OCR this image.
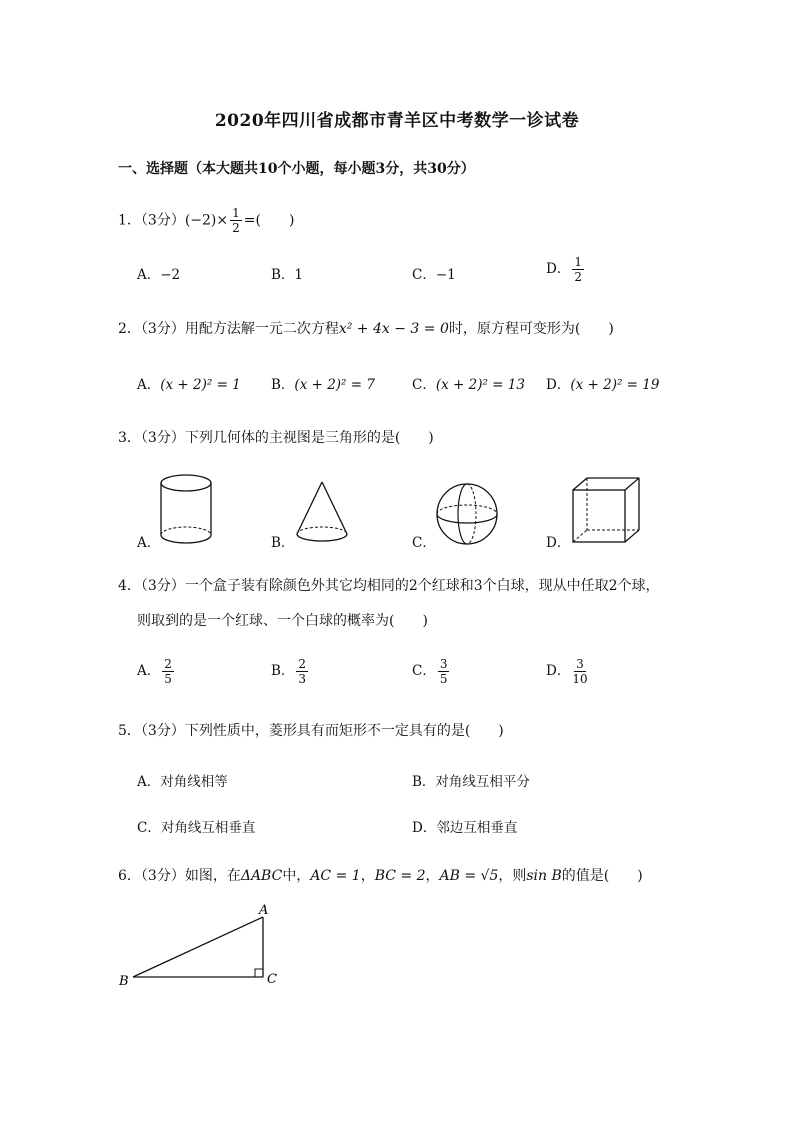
2020年四川省成都市青羊区中考数学一诊试卷
一、选择题（本大题共10个小题，每小题3分，共30分）
1．（3分）$(-2)\times \frac{1}{2}$ =(　　)
A．−2	B．1	C．−1	D． $\frac{1}{2}$
2．（3分）用配方法解一元二次方程x² + 4x − 3 = 0时，原方程可变形为(　　)
A．(x + 2)² = 1 B．(x + 2)² = 7	C．(x + 2)² = 13 D．(x + 2)² = 19
3．（3分）下列几何体的主视图是三角形的是(　　)
A．	B．	C．	D．
4．（3分）一个盒子装有除颜色外其它均相同的2个红球和3个白球，现从中任取2个球，
则取到的是一个红球、一个白球的概率为(　　)
A． $\frac{2}{5}$	B． $\frac{2}{3}$	C． $\frac{3}{5}$	D． $\frac{3}{10}$
5．（3分）下列性质中，菱形具有而矩形不一定具有的是(　　)
A．对角线相等	B．对角线互相平分
C．对角线互相垂直	D．邻边互相垂直
6．（3分）如图，在ΔABC中，AC = 1，BC = 2，AB = √5，则sin B的值是(　　)
A
B	C
